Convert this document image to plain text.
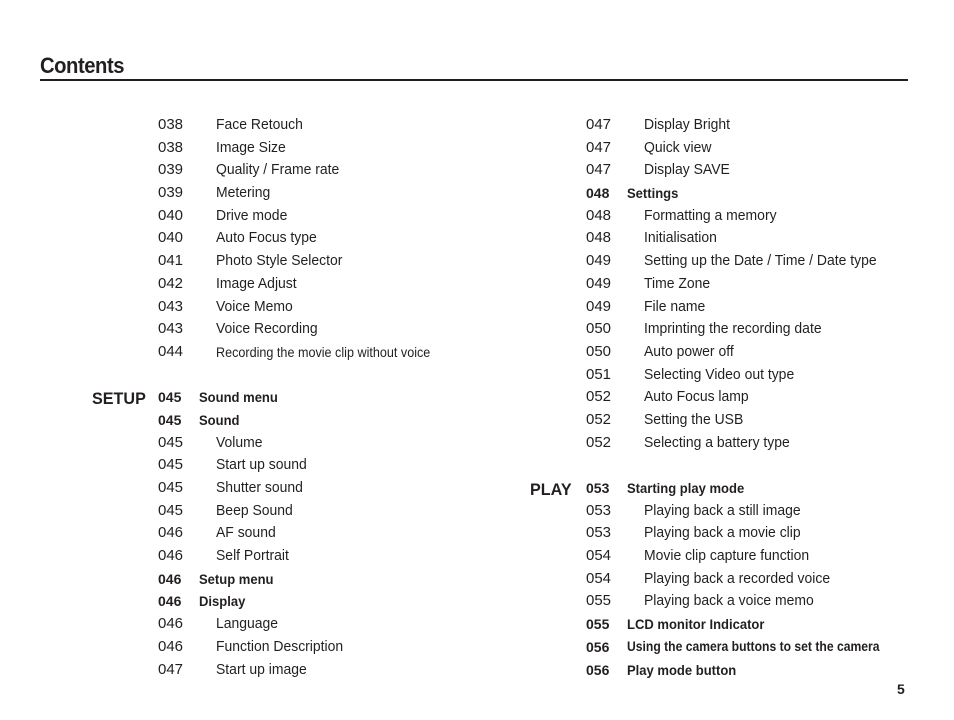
Contents
SETUP
PLAY
038 Face Retouch
038 Image Size
039 Quality / Frame rate
039 Metering
040 Drive mode
040 Auto Focus type
041 Photo Style Selector
042 Image Adjust
043 Voice Memo
043 Voice Recording
044 Recording the movie clip without voice
045 Sound menu
045 Sound
045 Volume
045 Start up sound
045 Shutter sound
045 Beep Sound
046 AF sound
046 Self Portrait
046 Setup menu
046 Display
046 Language
046 Function Description
047 Start up image
047 Display Bright
047 Quick view
047 Display SAVE
048 Settings
048 Formatting a memory
048 Initialisation
049 Setting up the Date / Time / Date type
049 Time Zone
049 File name
050 Imprinting the recording date
050 Auto power off
051 Selecting Video out type
052 Auto Focus lamp
052 Setting the USB
052 Selecting a battery type
053 Starting play mode
053 Playing back a still image
053 Playing back a movie clip
054 Movie clip capture function
054 Playing back a recorded voice
055 Playing back a voice memo
055 LCD monitor Indicator
056 Using the camera buttons to set the camera
056 Play mode button
5
